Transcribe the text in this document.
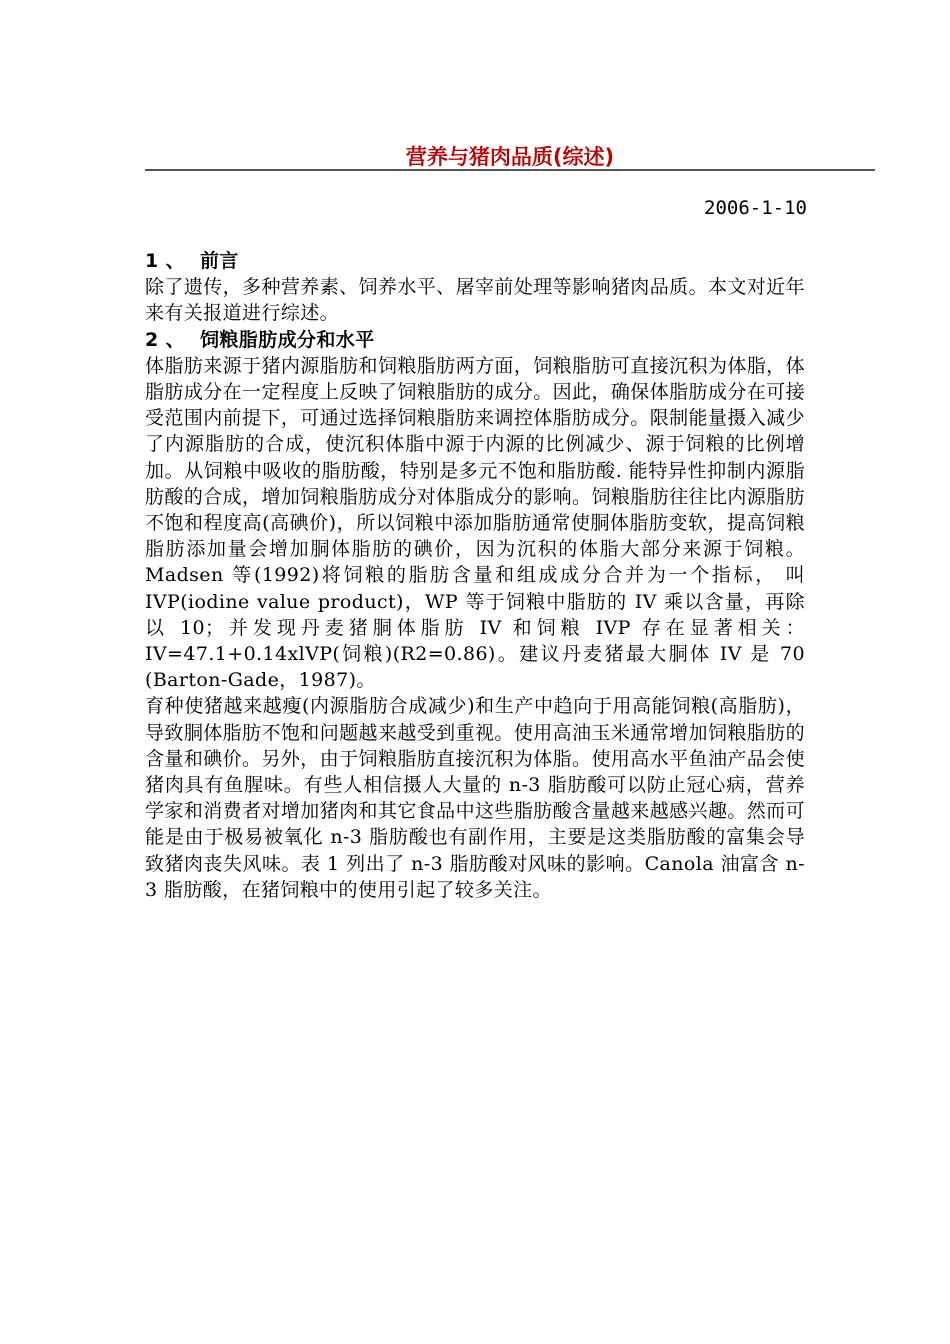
营养与猪肉品质(综述)
2006-1-10
1 、 前言

除了遗传，多种营养素、饲养水平、屠宰前处理等影响猪肉品质。本文对近年来有关报道进行综述。

2 、 饲粮脂肪成分和水平

体脂肪来源于猪内源脂肪和饲粮脂肪两方面，饲粮脂肪可直接沉积为体脂，体脂肪成分在一定程度上反映了饲粮脂肪的成分。因此，确保体脂肪成分在可接受范围内前提下，可通过选择饲粮脂肪来调控体脂肪成分。限制能量摄入减少了内源脂肪的合成，使沉积体脂中源于内源的比例减少、源于饲粮的比例增加。从饲粮中吸收的脂肪酸，特别是多元不饱和脂肪酸. 能特异性抑制内源脂肪酸的合成，增加饲粮脂肪成分对体脂成分的影响。饲粮脂肪往往比内源脂肪不饱和程度高(高碘价)，所以饲粮中添加脂肪通常使胴体脂肪变软，提高饲粮脂肪添加量会增加胴体脂肪的碘价，因为沉积的体脂大部分来源于饲粮。Madsen 等(1992)将饲粮的脂肪含量和组成成分合并为一个指标， 叫 IVP(iodine value product)，WP 等于饲粮中脂肪的 IV 乘以含量，再除以 10；并发现丹麦猪胴体脂肪 IV 和饲粮 IVP 存在显著相关：IV=47.1+0.14xlVP(饲粮)(R2=0.86)。建议丹麦猪最大胴体 IV 是 70 (Barton-Gade，1987)。

育种使猪越来越瘦(内源脂肪合成减少)和生产中趋向于用高能饲粮(高脂肪)，导致胴体脂肪不饱和问题越来越受到重视。使用高油玉米通常增加饲粮脂肪的含量和碘价。另外，由于饲粮脂肪直接沉积为体脂。使用高水平鱼油产品会使猪肉具有鱼腥味。有些人相信摄人大量的 n-3 脂肪酸可以防止冠心病，营养学家和消费者对增加猪肉和其它食品中这些脂肪酸含量越来越感兴趣。然而可能是由于极易被氧化 n-3 脂肪酸也有副作用，主要是这类脂肪酸的富集会导致猪肉丧失风味。表 1 列出了 n-3 脂肪酸对风味的影响。Canola 油富含 n-3 脂肪酸，在猪饲粮中的使用引起了较多关注。
